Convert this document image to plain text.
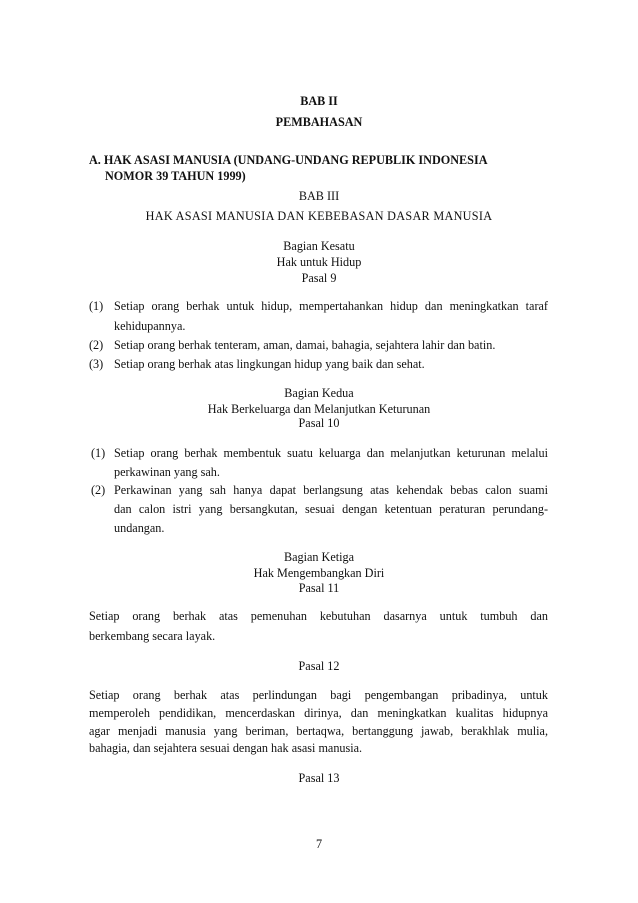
BAB II
PEMBAHASAN
A. HAK ASASI MANUSIA (UNDANG-UNDANG REPUBLIK INDONESIA
NOMOR 39 TAHUN 1999)
BAB III
HAK ASASI MANUSIA DAN KEBEBASAN DASAR MANUSIA
Bagian Kesatu
Hak untuk Hidup
Pasal 9
(1) Setiap orang berhak untuk hidup, mempertahankan hidup dan meningkatkan taraf
kehidupannya.
(2) Setiap orang berhak tenteram, aman, damai, bahagia, sejahtera lahir dan batin.
(3) Setiap orang berhak atas lingkungan hidup yang baik dan sehat.
Bagian Kedua
Hak Berkeluarga dan Melanjutkan Keturunan
Pasal 10
(1) Setiap orang berhak membentuk suatu keluarga dan melanjutkan keturunan melalui
perkawinan yang sah.
(2) Perkawinan yang sah hanya dapat berlangsung atas kehendak bebas calon suami
dan calon istri yang bersangkutan, sesuai dengan ketentuan peraturan perundang-
undangan.
Bagian Ketiga
Hak Mengembangkan Diri
Pasal 11
Setiap orang berhak atas pemenuhan kebutuhan dasarnya untuk tumbuh dan
berkembang secara layak.
Pasal 12
Setiap orang berhak atas perlindungan bagi pengembangan pribadinya, untuk
memperoleh pendidikan, mencerdaskan dirinya, dan meningkatkan kualitas hidupnya
agar menjadi manusia yang beriman, bertaqwa, bertanggung jawab, berakhlak mulia,
bahagia, dan sejahtera sesuai dengan hak asasi manusia.
Pasal 13
7
